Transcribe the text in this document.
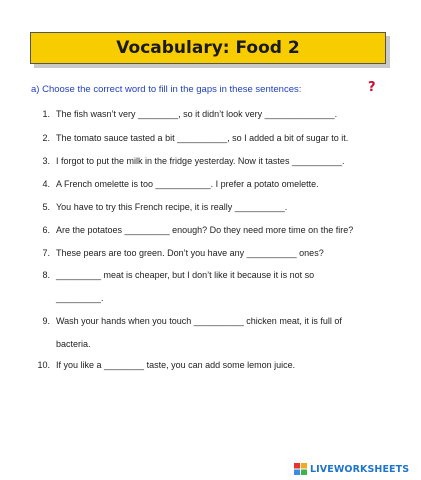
Vocabulary: Food 2
a) Choose the correct word to fill in the gaps in these sentences:	?
1. The fish wasn’t very ________, so it didn’t look very ______________.
2. The tomato sauce tasted a bit __________, so I added a bit of sugar to it.
3. I forgot to put the milk in the fridge yesterday. Now it tastes __________.
4. A French omelette is too ___________. I prefer a potato omelette.
5. You have to try this French recipe, it is really __________.
6. Are the potatoes _________ enough? Do they need more time on the fire?
7. These pears are too green. Don’t you have any __________ ones?
8. _________ meat is cheaper, but I don’t like it because it is not so
_________.
9. Wash your hands when you touch __________ chicken meat, it is full of
bacteria.
10. If you like a ________ taste, you can add some lemon juice.
LIVEWORKSHEETS
